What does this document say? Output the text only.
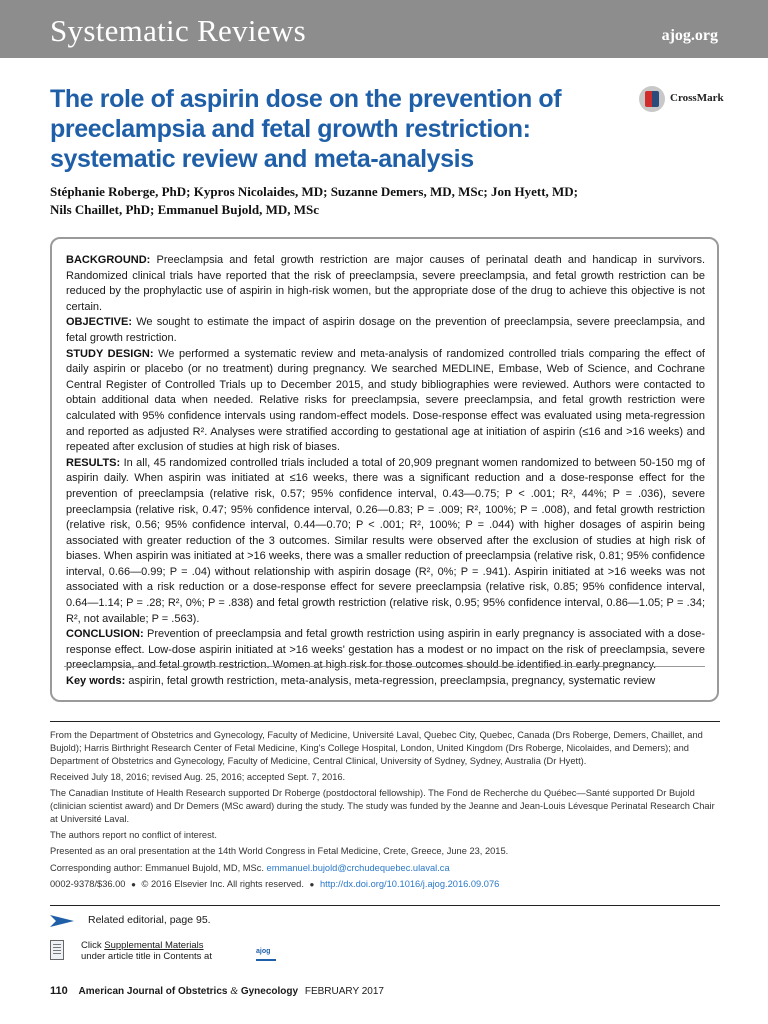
Systematic Reviews	ajog.org
The role of aspirin dose on the prevention of preeclampsia and fetal growth restriction: systematic review and meta-analysis
CrossMark
Stéphanie Roberge, PhD; Kypros Nicolaides, MD; Suzanne Demers, MD, MSc; Jon Hyett, MD;
Nils Chaillet, PhD; Emmanuel Bujold, MD, MSc

BACKGROUND: Preeclampsia and fetal growth restriction are major causes of perinatal death and handicap in survivors. Randomized clinical trials have reported that the risk of preeclampsia, severe preeclampsia, and fetal growth restriction can be reduced by the prophylactic use of aspirin in high-risk women, but the appropriate dose of the drug to achieve this objective is not certain.

OBJECTIVE: We sought to estimate the impact of aspirin dosage on the prevention of preeclampsia, severe preeclampsia, and fetal growth restriction.

STUDY DESIGN: We performed a systematic review and meta-analysis of randomized controlled trials comparing the effect of daily aspirin or placebo (or no treatment) during pregnancy. We searched MEDLINE, Embase, Web of Science, and Cochrane Central Register of Controlled Trials up to December 2015, and study bibliographies were reviewed. Authors were contacted to obtain additional data when needed. Relative risks for preeclampsia, severe preeclampsia, and fetal growth restriction were calculated with 95% confidence intervals using random-effect models. Dose-response effect was evaluated using meta-regression and reported as adjusted R². Analyses were stratified according to gestational age at initiation of aspirin (≤16 and >16 weeks) and repeated after exclusion of studies at high risk of biases.

RESULTS: In all, 45 randomized controlled trials included a total of 20,909 pregnant women randomized to between 50-150 mg of aspirin daily. When aspirin was initiated at ≤16 weeks, there was a significant reduction and a dose-response effect for the prevention of preeclampsia (relative risk, 0.57; 95% confidence interval, 0.43—0.75; P < .001; R², 44%; P = .036), severe preeclampsia (relative risk, 0.47; 95% confidence interval, 0.26—0.83; P = .009; R², 100%; P = .008), and fetal growth restriction (relative risk, 0.56; 95% confidence interval, 0.44—0.70; P < .001; R², 100%; P = .044) with higher dosages of aspirin being associated with greater reduction of the 3 outcomes. Similar results were observed after the exclusion of studies at high risk of biases. When aspirin was initiated at >16 weeks, there was a smaller reduction of preeclampsia (relative risk, 0.81; 95% confidence interval, 0.66—0.99; P = .04) without relationship with aspirin dosage (R², 0%; P = .941). Aspirin initiated at >16 weeks was not associated with a risk reduction or a dose-response effect for severe preeclampsia (relative risk, 0.85; 95% confidence interval, 0.64—1.14; P = .28; R², 0%; P = .838) and fetal growth restriction (relative risk, 0.95; 95% confidence interval, 0.86—1.05; P = .34; R², not available; P = .563).

CONCLUSION: Prevention of preeclampsia and fetal growth restriction using aspirin in early pregnancy is associated with a dose-response effect. Low-dose aspirin initiated at >16 weeks' gestation has a modest or no impact on the risk of preeclampsia, severe preeclampsia, and fetal growth restriction. Women at high risk for those outcomes should be identified in early pregnancy.

Key words: aspirin, fetal growth restriction, meta-analysis, meta-regression, preeclampsia, pregnancy, systematic review

From the Department of Obstetrics and Gynecology, Faculty of Medicine, Université Laval, Quebec City, Quebec, Canada (Drs Roberge, Demers, Chaillet, and Bujold); Harris Birthright Research Center of Fetal Medicine, King's College Hospital, London, United Kingdom (Drs Roberge, Nicolaides, and Demers); and Department of Obstetrics and Gynecology, Faculty of Medicine, Central Clinical, University of Sydney, Sydney, Australia (Dr Hyett).

Received July 18, 2016; revised Aug. 25, 2016; accepted Sept. 7, 2016.

The Canadian Institute of Health Research supported Dr Roberge (postdoctoral fellowship). The Fond de Recherche du Québec—Santé supported Dr Bujold (clinician scientist award) and Dr Demers (MSc award) during the study. The study was funded by the Jeanne and Jean-Louis Lévesque Perinatal Research Chair at Université Laval.

The authors report no conflict of interest.

Presented as an oral presentation at the 14th World Congress in Fetal Medicine, Crete, Greece, June 23, 2015.

Corresponding author: Emmanuel Bujold, MD, MSc. emmanuel.bujold@crchudequebec.ulaval.ca

0002-9378/$36.00 ● © 2016 Elsevier Inc. All rights reserved. ● http://dx.doi.org/10.1016/j.ajog.2016.09.076

Related editorial, page 95.
Click Supplemental Materials
under article title in Contents at	ajog
110 American Journal of Obstetrics & Gynecology FEBRUARY 2017
